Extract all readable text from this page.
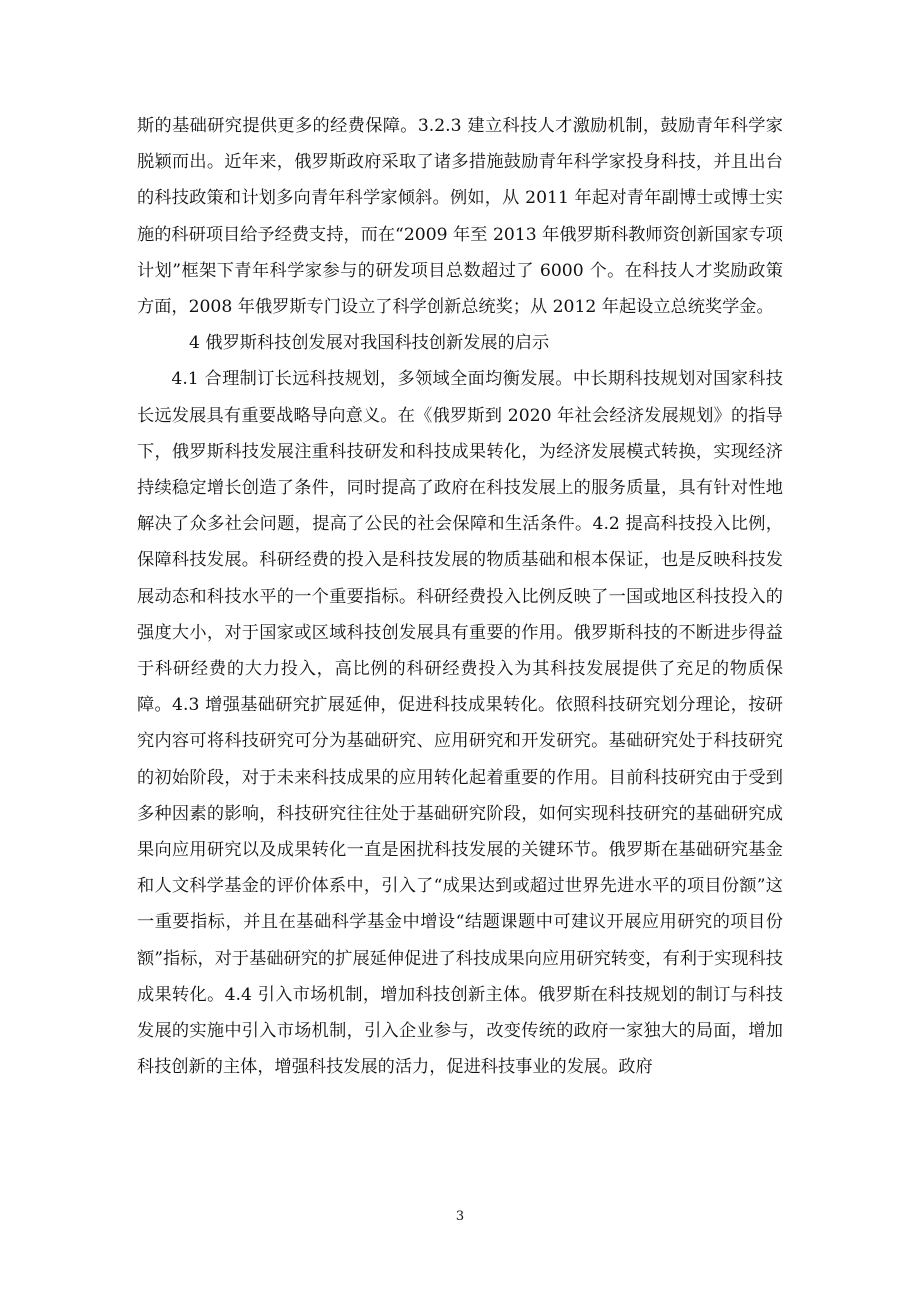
斯的基础研究提供更多的经费保障。3.2.3 建立科技人才激励机制，鼓励青年科学家脱颖而出。近年来，俄罗斯政府采取了诸多措施鼓励青年科学家投身科技，并且出台的科技政策和计划多向青年科学家倾斜。例如，从 2011 年起对青年副博士或博士实施的科研项目给予经费支持，而在“2009 年至 2013 年俄罗斯科教师资创新国家专项计划”框架下青年科学家参与的研发项目总数超过了 6000 个。在科技人才奖励政策方面，2008 年俄罗斯专门设立了科学创新总统奖；从 2012 年起设立总统奖学金。

4 俄罗斯科技创发展对我国科技创新发展的启示

4.1 合理制订长远科技规划，多领域全面均衡发展。中长期科技规划对国家科技长远发展具有重要战略导向意义。在《俄罗斯到 2020 年社会经济发展规划》的指导下，俄罗斯科技发展注重科技研发和科技成果转化，为经济发展模式转换，实现经济持续稳定增长创造了条件，同时提高了政府在科技发展上的服务质量，具有针对性地解决了众多社会问题，提高了公民的社会保障和生活条件。4.2 提高科技投入比例，保障科技发展。科研经费的投入是科技发展的物质基础和根本保证，也是反映科技发展动态和科技水平的一个重要指标。科研经费投入比例反映了一国或地区科技投入的强度大小，对于国家或区域科技创发展具有重要的作用。俄罗斯科技的不断进步得益于科研经费的大力投入，高比例的科研经费投入为其科技发展提供了充足的物质保障。4.3 增强基础研究扩展延伸，促进科技成果转化。依照科技研究划分理论，按研究内容可将科技研究可分为基础研究、应用研究和开发研究。基础研究处于科技研究的初始阶段，对于未来科技成果的应用转化起着重要的作用。目前科技研究由于受到多种因素的影响，科技研究往往处于基础研究阶段，如何实现科技研究的基础研究成果向应用研究以及成果转化一直是困扰科技发展的关键环节。俄罗斯在基础研究基金和人文科学基金的评价体系中，引入了“成果达到或超过世界先进水平的项目份额”这一重要指标，并且在基础科学基金中增设“结题课题中可建议开展应用研究的项目份额”指标，对于基础研究的扩展延伸促进了科技成果向应用研究转变，有利于实现科技成果转化。4.4 引入市场机制，增加科技创新主体。俄罗斯在科技规划的制订与科技发展的实施中引入市场机制，引入企业参与，改变传统的政府一家独大的局面，增加科技创新的主体，增强科技发展的活力，促进科技事业的发展。政府

3
